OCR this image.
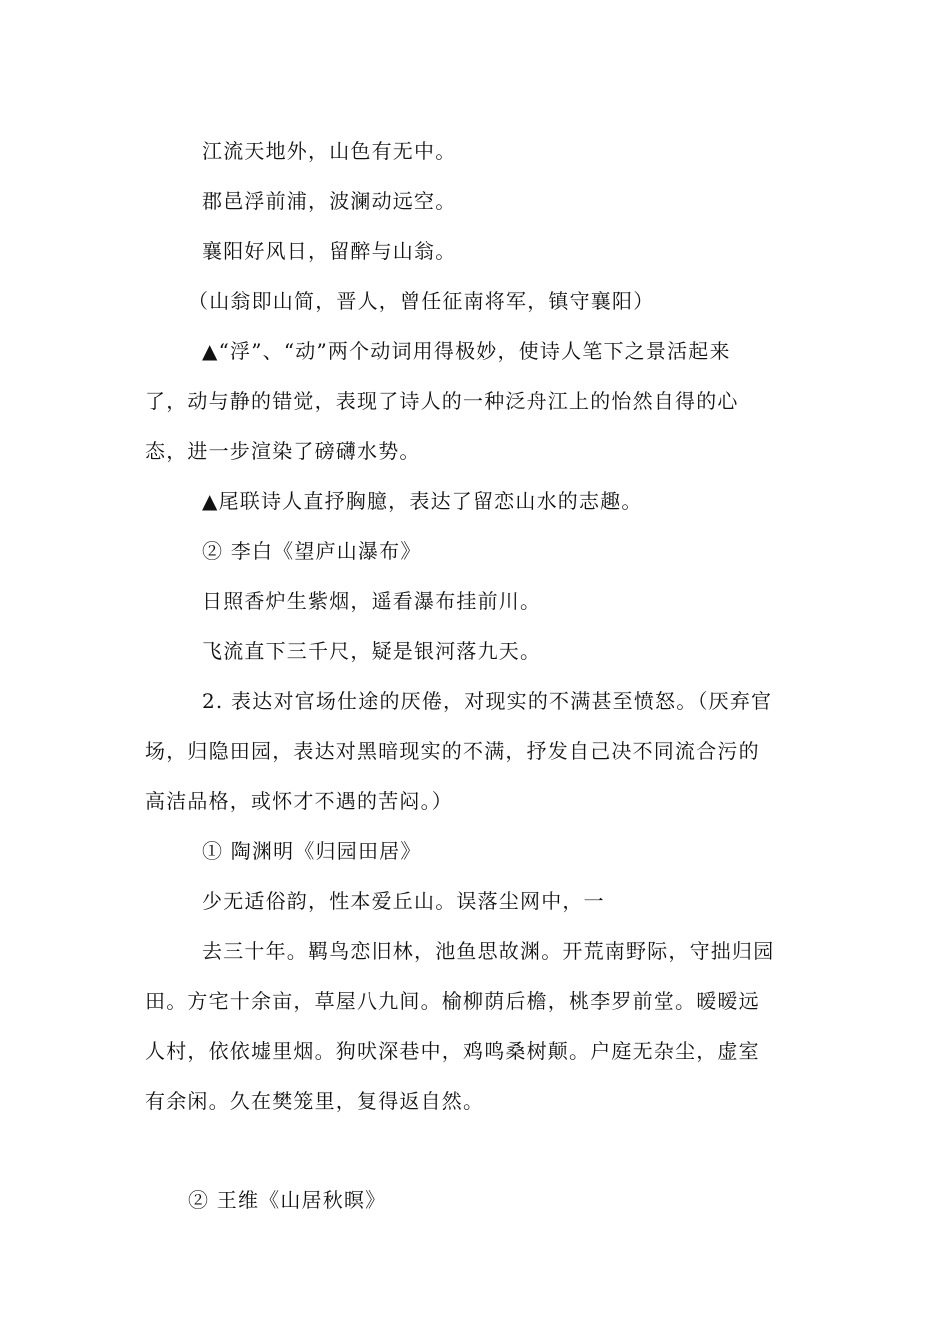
江流天地外，山色有无中。
郡邑浮前浦，波澜动远空。
襄阳好风日，留醉与山翁。
（山翁即山简，晋人，曾任征南将军，镇守襄阳）
▲“浮”、“动”两个动词用得极妙，使诗人笔下之景活起来
了，动与静的错觉，表现了诗人的一种泛舟江上的怡然自得的心
态，进一步渲染了磅礴水势。
▲尾联诗人直抒胸臆，表达了留恋山水的志趣。
② 李白《望庐山瀑布》
日照香炉生紫烟，遥看瀑布挂前川。
飞流直下三千尺，疑是银河落九天。
2. 表达对官场仕途的厌倦，对现实的不满甚至愤怒。（厌弃官
场，归隐田园，表达对黑暗现实的不满，抒发自己决不同流合污的
高洁品格，或怀才不遇的苦闷。）
① 陶渊明《归园田居》
少无适俗韵，性本爱丘山。误落尘网中，一
去三十年。羁鸟恋旧林，池鱼思故渊。开荒南野际，守拙归园
田。方宅十余亩，草屋八九间。榆柳荫后檐，桃李罗前堂。暧暧远
人村，依依墟里烟。狗吠深巷中，鸡鸣桑树颠。户庭无杂尘，虚室
有余闲。久在樊笼里，复得返自然。
② 王维《山居秋暝》
